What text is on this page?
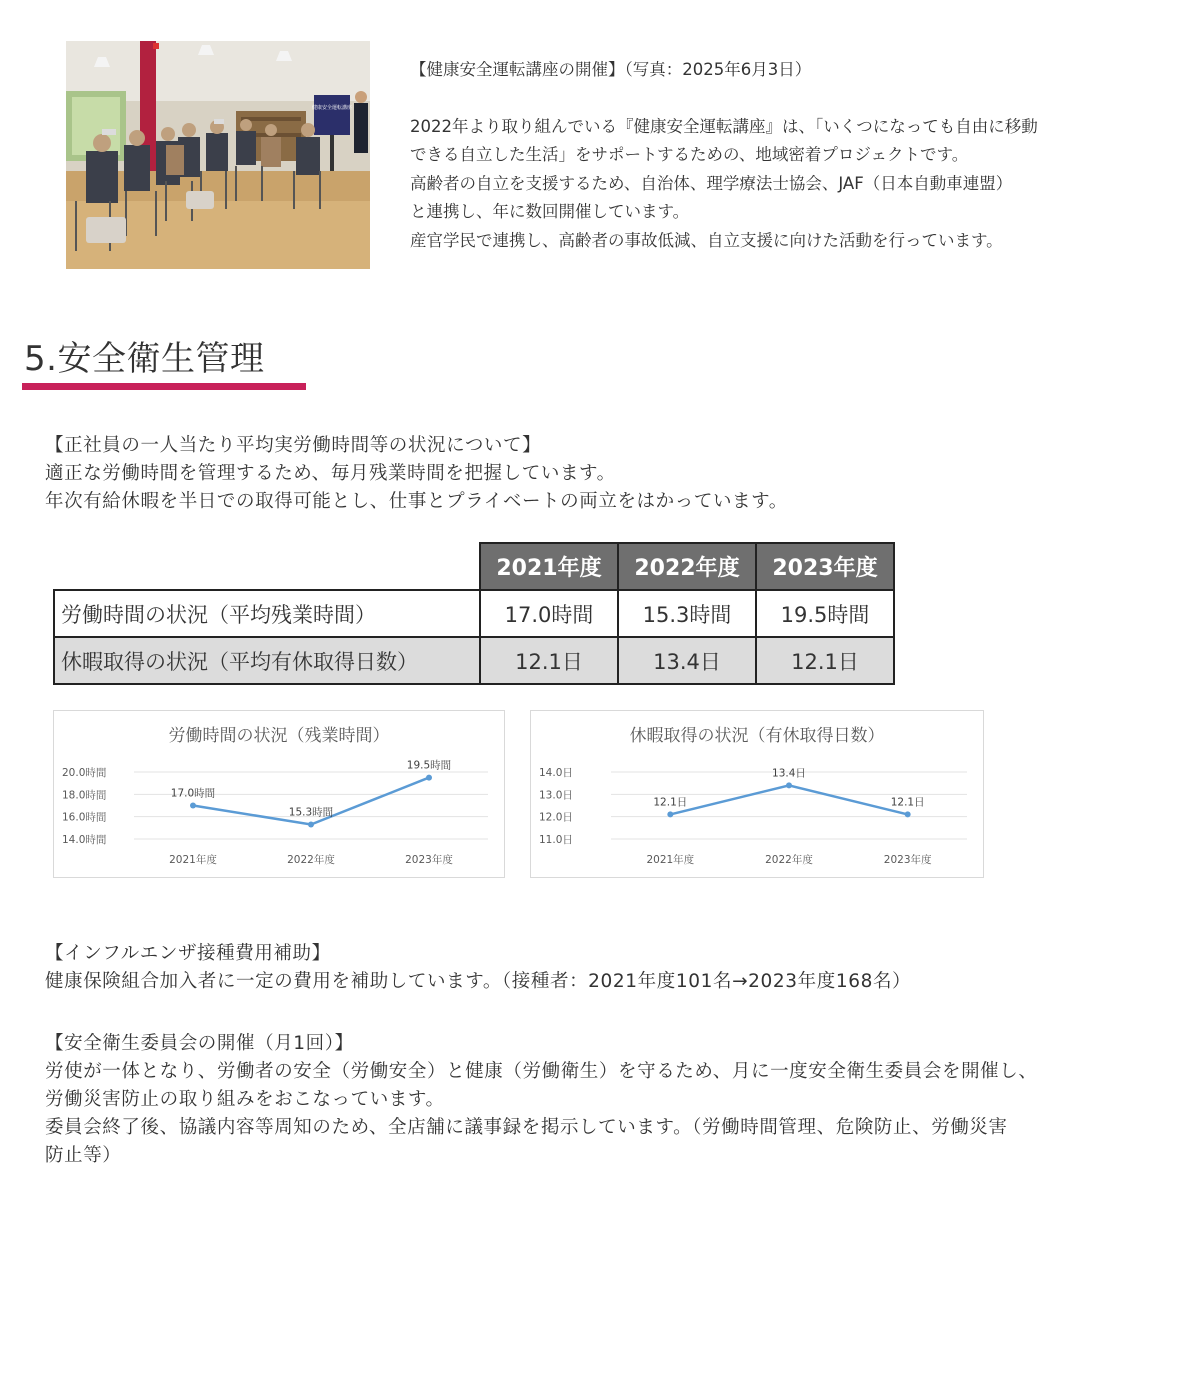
健康安全運転講座
【健康安全運転講座の開催】（写真：2025年6月3日）
2022年より取り組んでいる『健康安全運転講座』は、「いくつになっても自由に移動
できる自立した生活」をサポートするための、地域密着プロジェクトです。
高齢者の自立を支援するため、自治体、理学療法士協会、JAF（日本自動車連盟）
と連携し、年に数回開催しています。
産官学民で連携し、高齢者の事故低減、自立支援に向けた活動を行っています。
5.安全衛生管理
【正社員の一人当たり平均実労働時間等の状況について】
適正な労働時間を管理するため、毎月残業時間を把握しています。
年次有給休暇を半日での取得可能とし、仕事とプライベートの両立をはかっています。
	2021年度	2022年度	2023年度
労働時間の状況（平均残業時間）	17.0時間	15.3時間	19.5時間
休暇取得の状況（平均有休取得日数）	12.1日	13.4日	12.1日
労働時間の状況（残業時間）
14.0時間
16.0時間
18.0時間
20.0時間
2021年度	2022年度	2023年度
17.0時間
15.3時間
19.5時間
休暇取得の状況（有休取得日数）
11.0日
12.0日
13.0日
14.0日
2021年度	2022年度	2023年度
12.1日
13.4日
12.1日
【インフルエンザ接種費用補助】
健康保険組合加入者に一定の費用を補助しています。（接種者：2021年度101名→2023年度168名）
【安全衛生委員会の開催（月1回）】
労使が一体となり、労働者の安全（労働安全）と健康（労働衛生）を守るため、月に一度安全衛生委員会を開催し、
労働災害防止の取り組みをおこなっています。
委員会終了後、協議内容等周知のため、全店舗に議事録を掲示しています。（労働時間管理、危険防止、労働災害
防止等）
